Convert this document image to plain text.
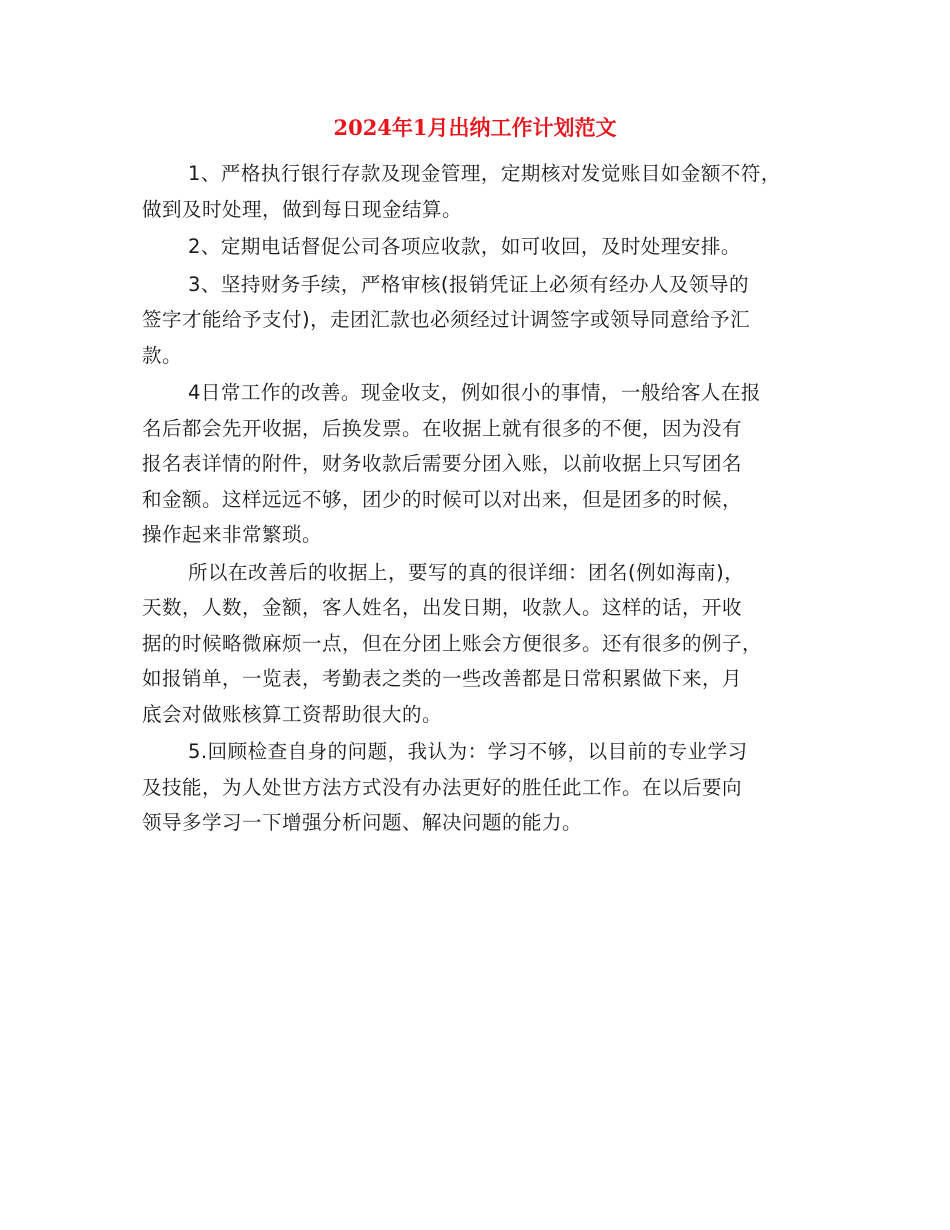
2024年1月出纳工作计划范文

1、严格执行银行存款及现金管理，定期核对发觉账目如金额不符，
做到及时处理，做到每日现金结算。

2、定期电话督促公司各项应收款，如可收回，及时处理安排。

3、坚持财务手续，严格审核(报销凭证上必须有经办人及领导的
签字才能给予支付)，走团汇款也必须经过计调签字或领导同意给予汇
款。

4日常工作的改善。现金收支，例如很小的事情，一般给客人在报
名后都会先开收据，后换发票。在收据上就有很多的不便，因为没有
报名表详情的附件，财务收款后需要分团入账，以前收据上只写团名
和金额。这样远远不够，团少的时候可以对出来，但是团多的时候，
操作起来非常繁琐。

所以在改善后的收据上，要写的真的很详细：团名(例如海南)，
天数，人数，金额，客人姓名，出发日期，收款人。这样的话，开收
据的时候略微麻烦一点，但在分团上账会方便很多。还有很多的例子，
如报销单，一览表，考勤表之类的一些改善都是日常积累做下来，月
底会对做账核算工资帮助很大的。

5.回顾检查自身的问题，我认为：学习不够，以目前的专业学习
及技能，为人处世方法方式没有办法更好的胜任此工作。在以后要向
领导多学习一下增强分析问题、解决问题的能力。
